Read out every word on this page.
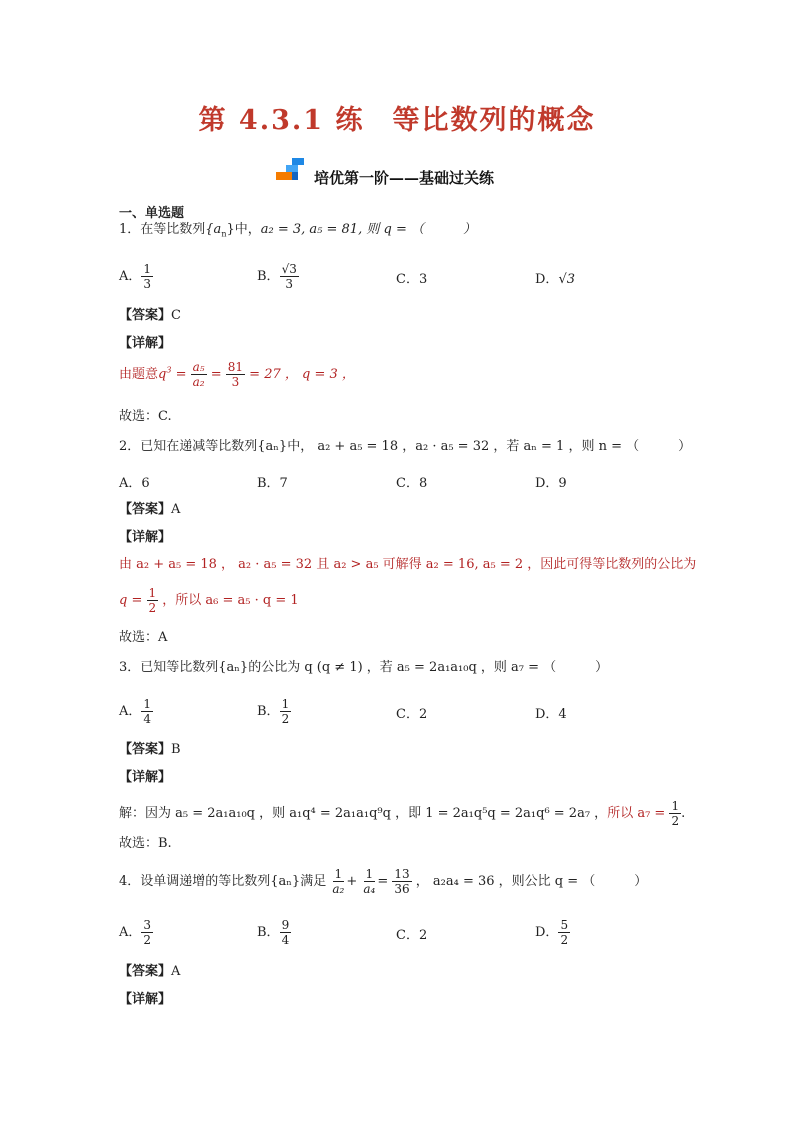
第 4.3.1 练 等比数列的概念
培优第一阶——基础过关练
一、单选题
1．在等比数列$\{a_n\}$中，a₂ = 3, a₅ = 81, 则 q = （　　　）
A． $\frac{1}{3}$	B． $\frac{√3}{3}$	C．3	D．√3
【答案】C
【详解】
由题意$q^3 = \frac{\text{a₅}}{\text{a₂}} = \frac{81}{3} = 27$ ， q = 3 ，
故选：C.
2．已知在递减等比数列{aₙ}中， a₂ + a₅ = 18 ，a₂ · a₅ = 32 ，若 aₙ = 1 ，则 n = （　　　）
A．6	B．7	C．8	D．9
【答案】A
【详解】
由 a₂ + a₅ = 18 ， a₂ · a₅ = 32 且 a₂ > a₅ 可解得 a₂ = 16, a₅ = 2 ，因此可得等比数列的公比为
$q = \frac{1}{2}$ ，所以 a₆ = a₅ · q = 1
故选：A
3．已知等比数列{aₙ}的公比为 q (q ≠ 1) ，若 a₅ = 2a₁a₁₀q ，则 a₇ = （　　　）
A． $\frac{1}{4}$	B． $\frac{1}{2}$	C．2	D．4
【答案】B
【详解】
解：因为 a₅ = 2a₁a₁₀q ，则 a₁q⁴ = 2a₁a₁q⁹q ，即 1 = 2a₁q⁵q = 2a₁q⁶ = 2a₇ ，所以 $a_7 = \frac{1}{2}$ .
故选：B.
4．设单调递增的等比数列{aₙ}满足 $\frac{1}{\text{a₂}} + \frac{1}{\text{a₄}} = \frac{13}{36}$ ， a₂a₄ = 36 ，则公比 q = （　　　）
A． $\frac{3}{2}$	B． $\frac{9}{4}$	C．2	D． $\frac{5}{2}$
【答案】A
【详解】
